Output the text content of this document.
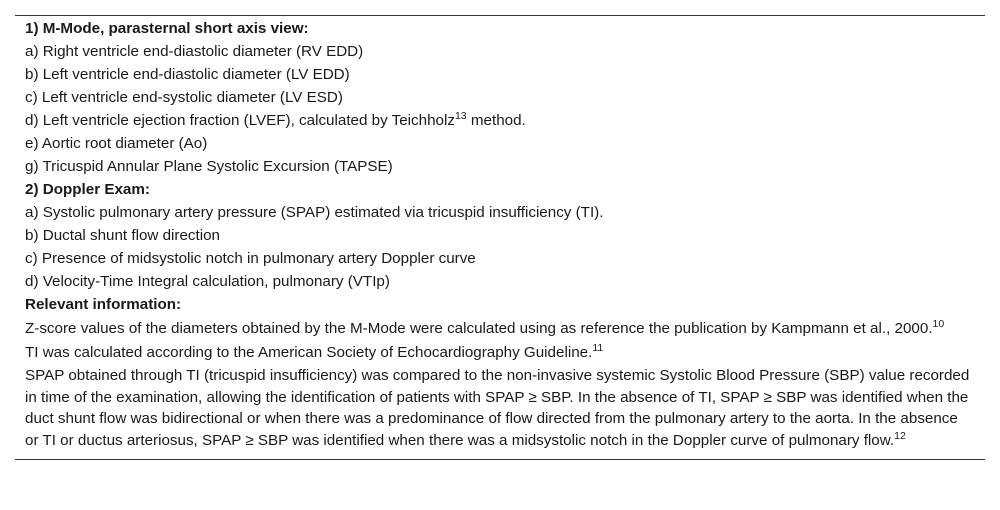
1) M-Mode, parasternal short axis view:
a) Right ventricle end-diastolic diameter (RV EDD)
b) Left ventricle end-diastolic diameter (LV EDD)
c) Left ventricle end-systolic diameter (LV ESD)
d) Left ventricle ejection fraction (LVEF), calculated by Teichholz$^{13}$ method.
e) Aortic root diameter (Ao)
g) Tricuspid Annular Plane Systolic Excursion (TAPSE)
2) Doppler Exam:
a) Systolic pulmonary artery pressure (SPAP) estimated via tricuspid insufficiency (TI).
b) Ductal shunt flow direction
c) Presence of midsystolic notch in pulmonary artery Doppler curve
d) Velocity-Time Integral calculation, pulmonary (VTIp)
Relevant information:
Z-score values of the diameters obtained by the M-Mode were calculated using as reference the publication by Kampmann et al., 2000.10
TI was calculated according to the American Society of Echocardiography Guideline.$^{11}$
SPAP obtained through TI (tricuspid insufficiency) was compared to the non-invasive systemic Systolic Blood Pressure (SBP) value recorded in time of the examination, allowing the identification of patients with SPAP ≥ SBP. In the absence of TI, SPAP ≥ SBP was identified when the duct shunt flow was bidirectional or when there was a predominance of flow directed from the pulmonary artery to the aorta. In the absence or TI or ductus arteriosus, SPAP ≥ SBP was identified when there was a midsystolic notch in the Doppler curve of pulmonary flow.$^{12}$
